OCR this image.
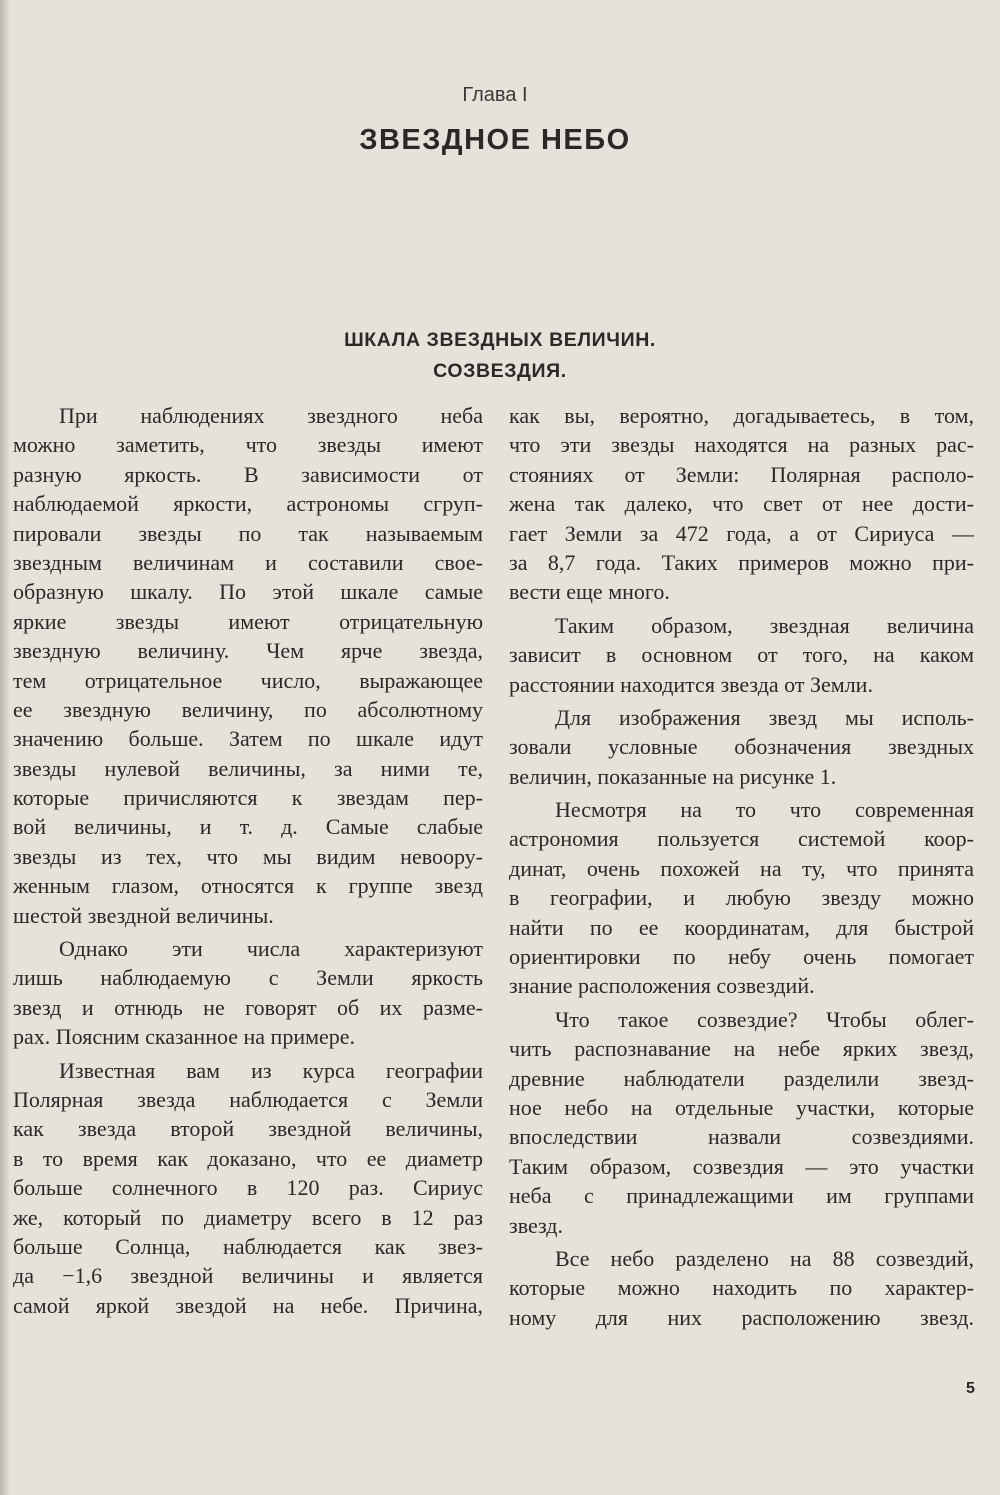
Глава I
ЗВЕЗДНОЕ НЕБО
ШКАЛА ЗВЕЗДНЫХ ВЕЛИЧИН.
СОЗВЕЗДИЯ.
При наблюдениях звездного неба
можно заметить, что звезды имеют
разную яркость. В зависимости от
наблюдаемой яркости, астрономы сгруп-
пировали звезды по так называемым
звездным величинам и составили свое-
образную шкалу. По этой шкале самые
яркие звезды имеют отрицательную
звездную величину. Чем ярче звезда,
тем отрицательное число, выражающее
ее звездную величину, по абсолютному
значению больше. Затем по шкале идут
звезды нулевой величины, за ними те,
которые причисляются к звездам пер-
вой величины, и т. д. Самые слабые
звезды из тех, что мы видим невоору-
женным глазом, относятся к группе звезд
шестой звездной величины.
Однако эти числа характеризуют
лишь наблюдаемую с Земли яркость
звезд и отнюдь не говорят об их разме-
рах. Поясним сказанное на примере.
Известная вам из курса географии
Полярная звезда наблюдается с Земли
как звезда второй звездной величины,
в то время как доказано, что ее диаметр
больше солнечного в 120 раз. Сириус
же, который по диаметру всего в 12 раз
больше Солнца, наблюдается как звез-
да −1,6 звездной величины и является
самой яркой звездой на небе. Причина,
как вы, вероятно, догадываетесь, в том,
что эти звезды находятся на разных рас-
стояниях от Земли: Полярная располо-
жена так далеко, что свет от нее дости-
гает Земли за 472 года, а от Сириуса —
за 8,7 года. Таких примеров можно при-
вести еще много.
Таким образом, звездная величина
зависит в основном от того, на каком
расстоянии находится звезда от Земли.
Для изображения звезд мы исполь-
зовали условные обозначения звездных
величин, показанные на рисунке 1.
Несмотря на то что современная
астрономия пользуется системой коор-
динат, очень похожей на ту, что принята
в географии, и любую звезду можно
найти по ее координатам, для быстрой
ориентировки по небу очень помогает
знание расположения созвездий.
Что такое созвездие? Чтобы облег-
чить распознавание на небе ярких звезд,
древние наблюдатели разделили звезд-
ное небо на отдельные участки, которые
впоследствии назвали созвездиями.
Таким образом, созвездия — это участки
неба с принадлежащими им группами
звезд.
Все небо разделено на 88 созвездий,
которые можно находить по характер-
ному для них расположению звезд.
5
